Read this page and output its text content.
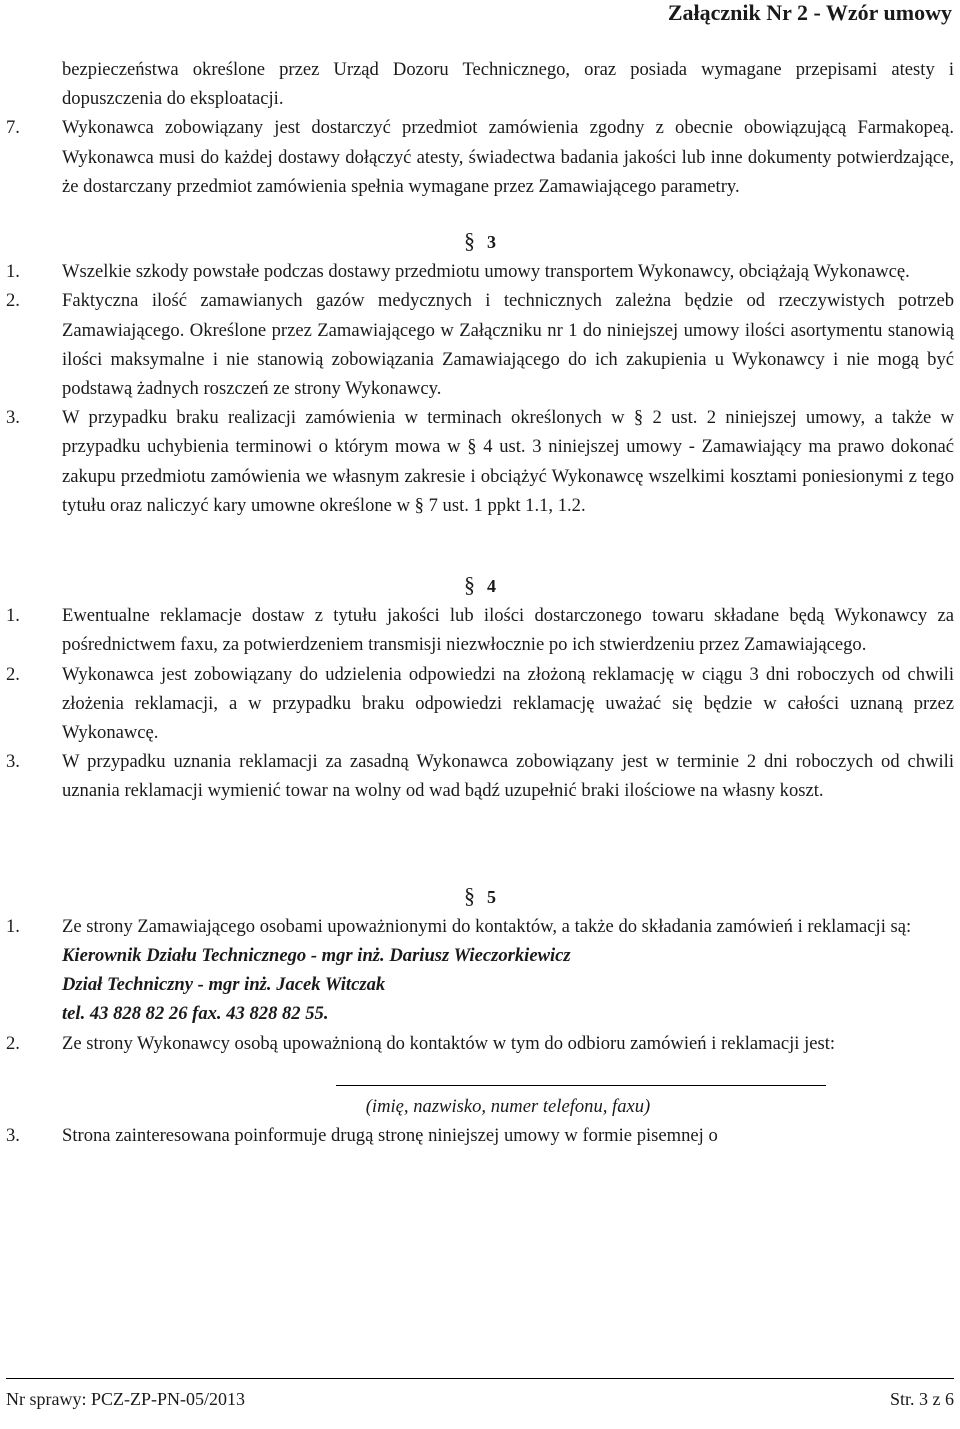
Załącznik Nr 2 - Wzór umowy
bezpieczeństwa określone przez Urząd Dozoru Technicznego, oraz posiada wymagane przepisami atesty i dopuszczenia do eksploatacji.
7. Wykonawca zobowiązany jest dostarczyć przedmiot zamówienia zgodny z obecnie obowiązującą Farmakopeą. Wykonawca musi do każdej dostawy dołączyć atesty, świadectwa badania jakości lub inne dokumenty potwierdzające, że dostarczany przedmiot zamówienia spełnia wymagane przez Zamawiającego parametry.
§ 3
1. Wszelkie szkody powstałe podczas dostawy przedmiotu umowy transportem Wykonawcy, obciążają Wykonawcę.
2. Faktyczna ilość zamawianych gazów medycznych i technicznych zależna będzie od rzeczywistych potrzeb Zamawiającego. Określone przez Zamawiającego w Załączniku nr 1 do niniejszej umowy ilości asortymentu stanowią ilości maksymalne i nie stanowią zobowiązania Zamawiającego do ich zakupienia u Wykonawcy i nie mogą być podstawą żadnych roszczeń ze strony Wykonawcy.
3. W przypadku braku realizacji zamówienia w terminach określonych w § 2 ust. 2 niniejszej umowy, a także w przypadku uchybienia terminowi o którym mowa w § 4 ust. 3 niniejszej umowy - Zamawiający ma prawo dokonać zakupu przedmiotu zamówienia we własnym zakresie i obciążyć Wykonawcę wszelkimi kosztami poniesionymi z tego tytułu oraz naliczyć kary umowne określone w § 7 ust. 1 ppkt 1.1, 1.2.
§ 4
1. Ewentualne reklamacje dostaw z tytułu jakości lub ilości dostarczonego towaru składane będą Wykonawcy za pośrednictwem faxu, za potwierdzeniem transmisji niezwłocznie po ich stwierdzeniu przez Zamawiającego.
2. Wykonawca jest zobowiązany do udzielenia odpowiedzi na złożoną reklamację w ciągu 3 dni roboczych od chwili złożenia reklamacji, a w przypadku braku odpowiedzi reklamację uważać się będzie w całości uznaną przez Wykonawcę.
3. W przypadku uznania reklamacji za zasadną Wykonawca zobowiązany jest w terminie 2 dni roboczych od chwili uznania reklamacji wymienić towar na wolny od wad bądź uzupełnić braki ilościowe na własny koszt.
§ 5
1. Ze strony Zamawiającego osobami upoważnionymi do kontaktów, a także do składania zamówień i reklamacji są:
Kierownik Działu Technicznego - mgr inż. Dariusz Wieczorkiewicz
Dział Techniczny - mgr inż. Jacek Witczak
tel. 43 828 82 26 fax. 43 828 82 55.
2. Ze strony Wykonawcy osobą upoważnioną do kontaktów w tym do odbioru zamówień i reklamacji jest:
(imię, nazwisko, numer telefonu, faxu)
3. Strona zainteresowana poinformuje drugą stronę niniejszej umowy w formie pisemnej o
Nr sprawy: PCZ-ZP-PN-05/2013	Str. 3 z 6
